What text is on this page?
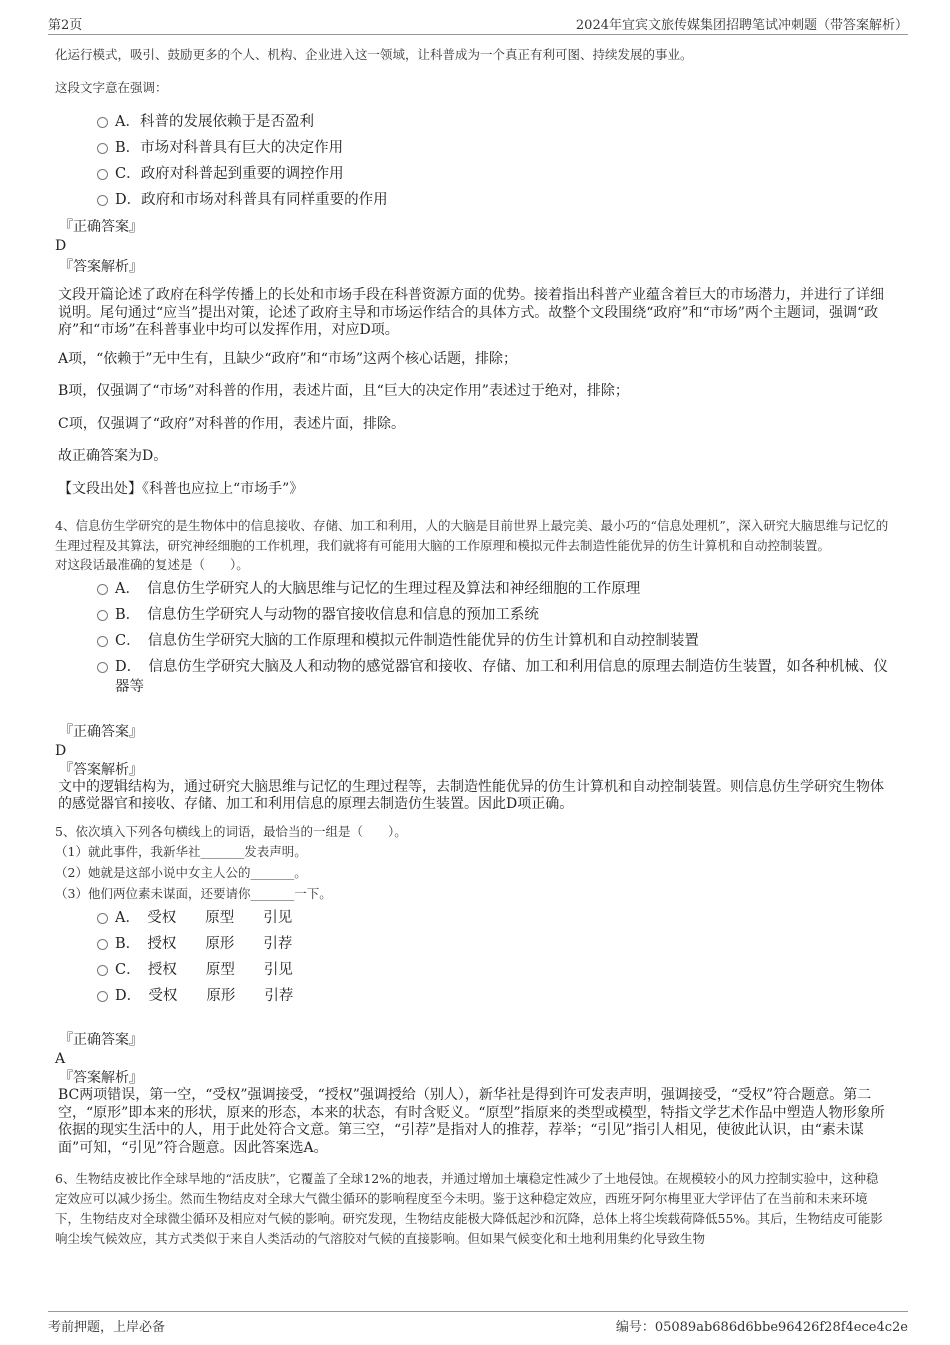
第2页	2024年宜宾文旅传媒集团招聘笔试冲刺题（带答案解析）

化运行模式，吸引、鼓励更多的个人、机构、企业进入这一领域，让科普成为一个真正有利可图、持续发展的事业。

这段文字意在强调：

A．科普的发展依赖于是否盈利
B．市场对科普具有巨大的决定作用
C．政府对科普起到重要的调控作用
D．政府和市场对科普具有同样重要的作用

『正确答案』

D

『答案解析』

文段开篇论述了政府在科学传播上的长处和市场手段在科普资源方面的优势。接着指出科普产业蕴含着巨大的市场潜力，并进行了详细说明。尾句通过“应当”提出对策，论述了政府主导和市场运作结合的具体方式。故整个文段围绕“政府”和“市场”两个主题词，强调“政府”和“市场”在科普事业中均可以发挥作用，对应D项。

A项，“依赖于”无中生有，且缺少“政府”和“市场”这两个核心话题，排除；

B项，仅强调了“市场”对科普的作用，表述片面，且“巨大的决定作用”表述过于绝对，排除；

C项，仅强调了“政府”对科普的作用，表述片面，排除。

故正确答案为D。

【文段出处】《科普也应拉上“市场手”》

4、信息仿生学研究的是生物体中的信息接收、存储、加工和利用，人的大脑是目前世界上最完美、最小巧的“信息处理机”，深入研究大脑思维与记忆的生理过程及其算法，研究神经细胞的工作机理，我们就将有可能用大脑的工作原理和模拟元件去制造性能优异的仿生计算机和自动控制装置。

对这段话最准确的复述是（　　）。

A．　信息仿生学研究人的大脑思维与记忆的生理过程及算法和神经细胞的工作原理
B．　信息仿生学研究人与动物的器官接收信息和信息的预加工系统
C．　信息仿生学研究大脑的工作原理和模拟元件制造性能优异的仿生计算机和自动控制装置
D．　信息仿生学研究大脑及人和动物的感觉器官和接收、存储、加工和利用信息的原理去制造仿生装置，如各种机械、仪器等

『正确答案』

D

『答案解析』

文中的逻辑结构为，通过研究大脑思维与记忆的生理过程等，去制造性能优异的仿生计算机和自动控制装置。则信息仿生学研究生物体的感觉器官和接收、存储、加工和利用信息的原理去制造仿生装置。因此D项正确。

5、依次填入下列各句横线上的词语，最恰当的一组是（　　）。

（1）就此事件，我新华社_______发表声明。

（2）她就是这部小说中女主人公的_______。

（3）他们两位素未谋面，还要请你_______一下。

A．　受权　　原型　　引见
B．　授权　　原形　　引荐
C．　授权　　原型　　引见
D．　受权　　原形　　引荐

『正确答案』

A

『答案解析』

BC两项错误，第一空，“受权”强调接受，“授权”强调授给（别人），新华社是得到许可发表声明，强调接受，“受权”符合题意。第二空，“原形”即本来的形状，原来的形态，本来的状态，有时含贬义。“原型”指原来的类型或模型，特指文学艺术作品中塑造人物形象所依据的现实生活中的人，用于此处符合文意。第三空，“引荐”是指对人的推荐，荐举；“引见”指引人相见，使彼此认识，由“素未谋面”可知，“引见”符合题意。因此答案选A。

6、生物结皮被比作全球旱地的“活皮肤”，它覆盖了全球12%的地表，并通过增加土壤稳定性减少了土地侵蚀。在规模较小的风力控制实验中，这种稳定效应可以减少扬尘。然而生物结皮对全球大气微尘循环的影响程度至今未明。鉴于这种稳定效应，西班牙阿尔梅里亚大学评估了在当前和未来环境下，生物结皮对全球微尘循环及相应对气候的影响。研究发现，生物结皮能极大降低起沙和沉降，总体上将尘埃载荷降低55%。其后，生物结皮可能影响尘埃气候效应，其方式类似于来自人类活动的气溶胶对气候的直接影响。但如果气候变化和土地利用集约化导致生物

考前押题，上岸必备	编号：05089ab686d6bbe96426f28f4ece4c2e
